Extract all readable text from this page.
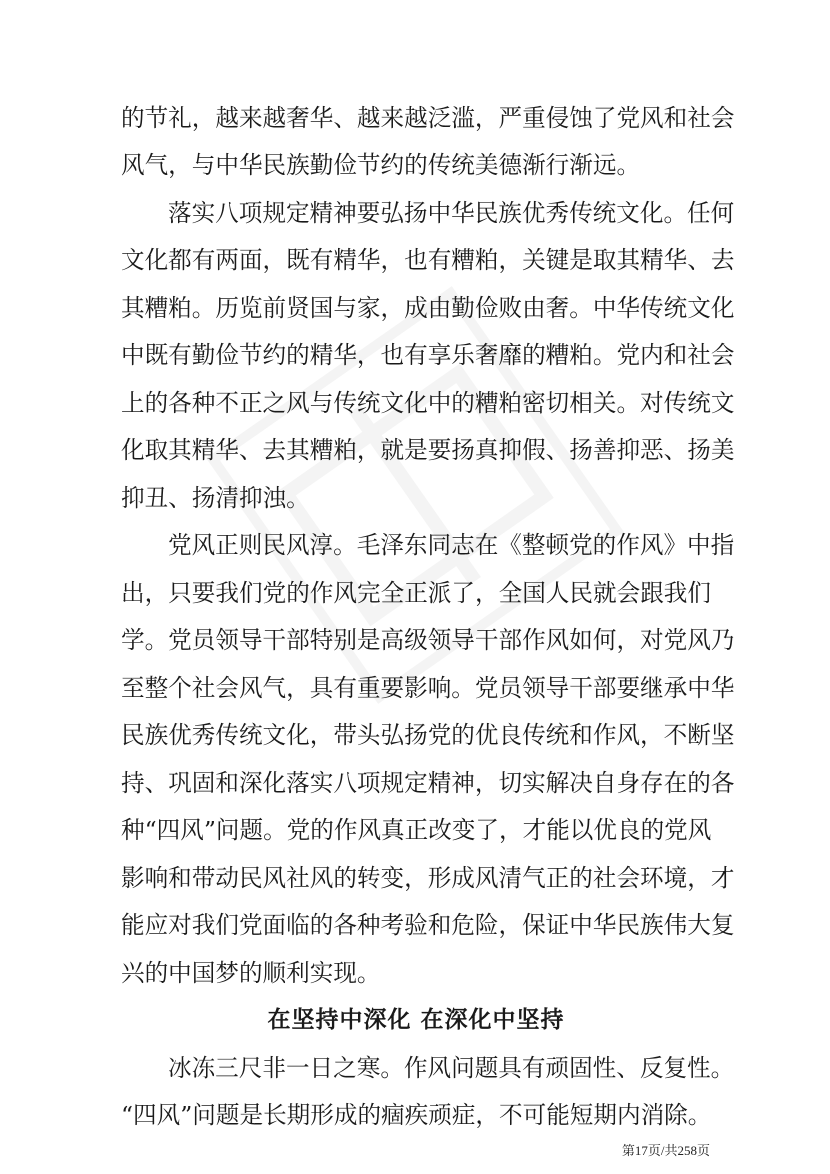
的节礼，越来越奢华、越来越泛滥，严重侵蚀了党风和社会
风气，与中华民族勤俭节约的传统美德渐行渐远。
落实八项规定精神要弘扬中华民族优秀传统文化。任何
文化都有两面，既有精华，也有糟粕，关键是取其精华、去
其糟粕。历览前贤国与家，成由勤俭败由奢。中华传统文化
中既有勤俭节约的精华，也有享乐奢靡的糟粕。党内和社会
上的各种不正之风与传统文化中的糟粕密切相关。对传统文
化取其精华、去其糟粕，就是要扬真抑假、扬善抑恶、扬美
抑丑、扬清抑浊。
党风正则民风淳。毛泽东同志在《整顿党的作风》中指
出，只要我们党的作风完全正派了，全国人民就会跟我们
学。党员领导干部特别是高级领导干部作风如何，对党风乃
至整个社会风气，具有重要影响。党员领导干部要继承中华
民族优秀传统文化，带头弘扬党的优良传统和作风，不断坚
持、巩固和深化落实八项规定精神，切实解决自身存在的各
种“四风”问题。党的作风真正改变了，才能以优良的党风
影响和带动民风社风的转变，形成风清气正的社会环境，才
能应对我们党面临的各种考验和危险，保证中华民族伟大复
兴的中国梦的顺利实现。
在坚持中深化 在深化中坚持
冰冻三尺非一日之寒。作风问题具有顽固性、反复性。
“四风”问题是长期形成的痼疾顽症，不可能短期内消除。
第17页/共258页
